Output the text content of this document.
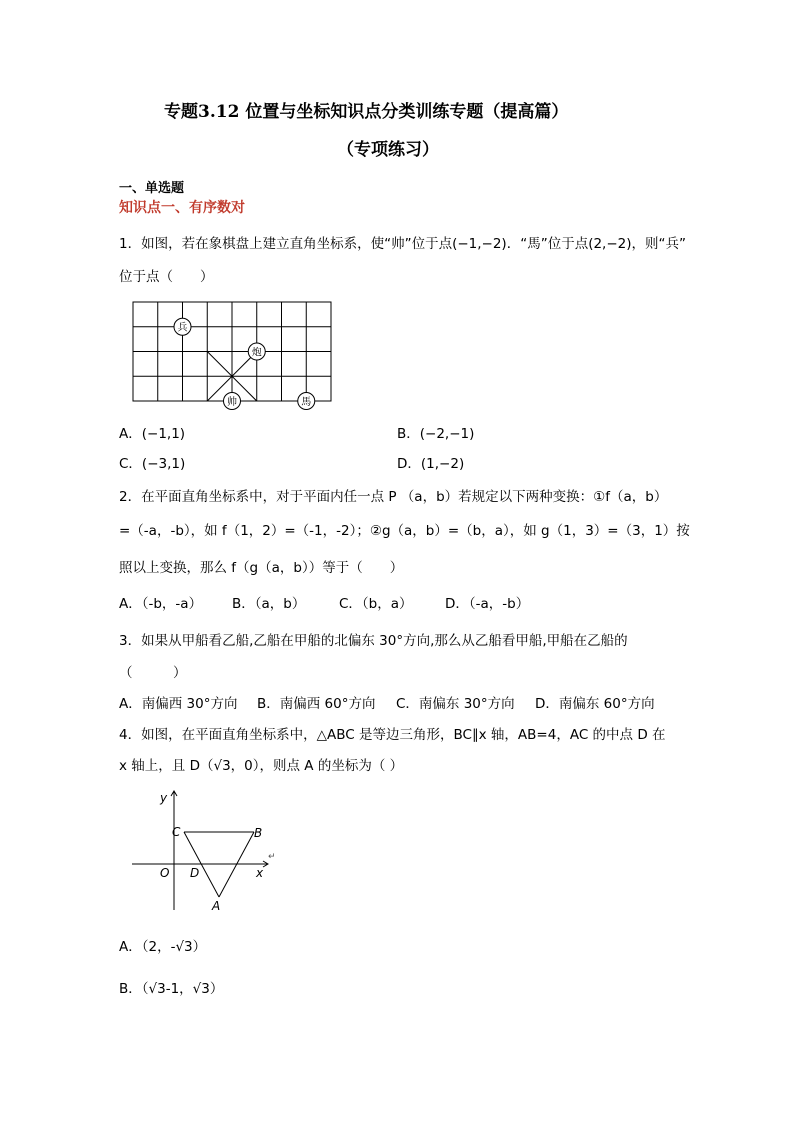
专题3.12 位置与坐标知识点分类训练专题（提高篇）
（专项练习）
一、单选题
知识点一、有序数对
1．如图，若在象棋盘上建立直角坐标系，使“帅”位于点(−1,−2)．“馬”位于点(2,−2)，则“兵”
位于点（　　）
兵
炮
帅	馬
A．(−1,1)	B．(−2,−1)
C．(−3,1)	D．(1,−2)
2．在平面直角坐标系中，对于平面内任一点 P （a，b）若规定以下两种变换：①f（a，b）
=（-a，-b），如 f（1，2）=（-1，-2）；②g（a，b）=（b，a），如 g（1，3）=（3，1）按
照以上变换，那么 f（g（a，b））等于（　　）
A．（-b，-a） B．（a，b） C．（b，a） D．（-a，-b）
3．如果从甲船看乙船,乙船在甲船的北偏东 30°方向,那么从乙船看甲船,甲船在乙船的
（　　　）
A．南偏西 30°方向 B．南偏西 60°方向 C．南偏东 30°方向 D．南偏东 60°方向
4．如图，在平面直角坐标系中，△ABC 是等边三角形，BC∥x 轴，AB=4，AC 的中点 D 在
x 轴上，且 D（√3，0），则点 A 的坐标为（ ）
y
x
O
C	B
D
A
↵
A．（2，-√3）
B．（√3-1，√3）
